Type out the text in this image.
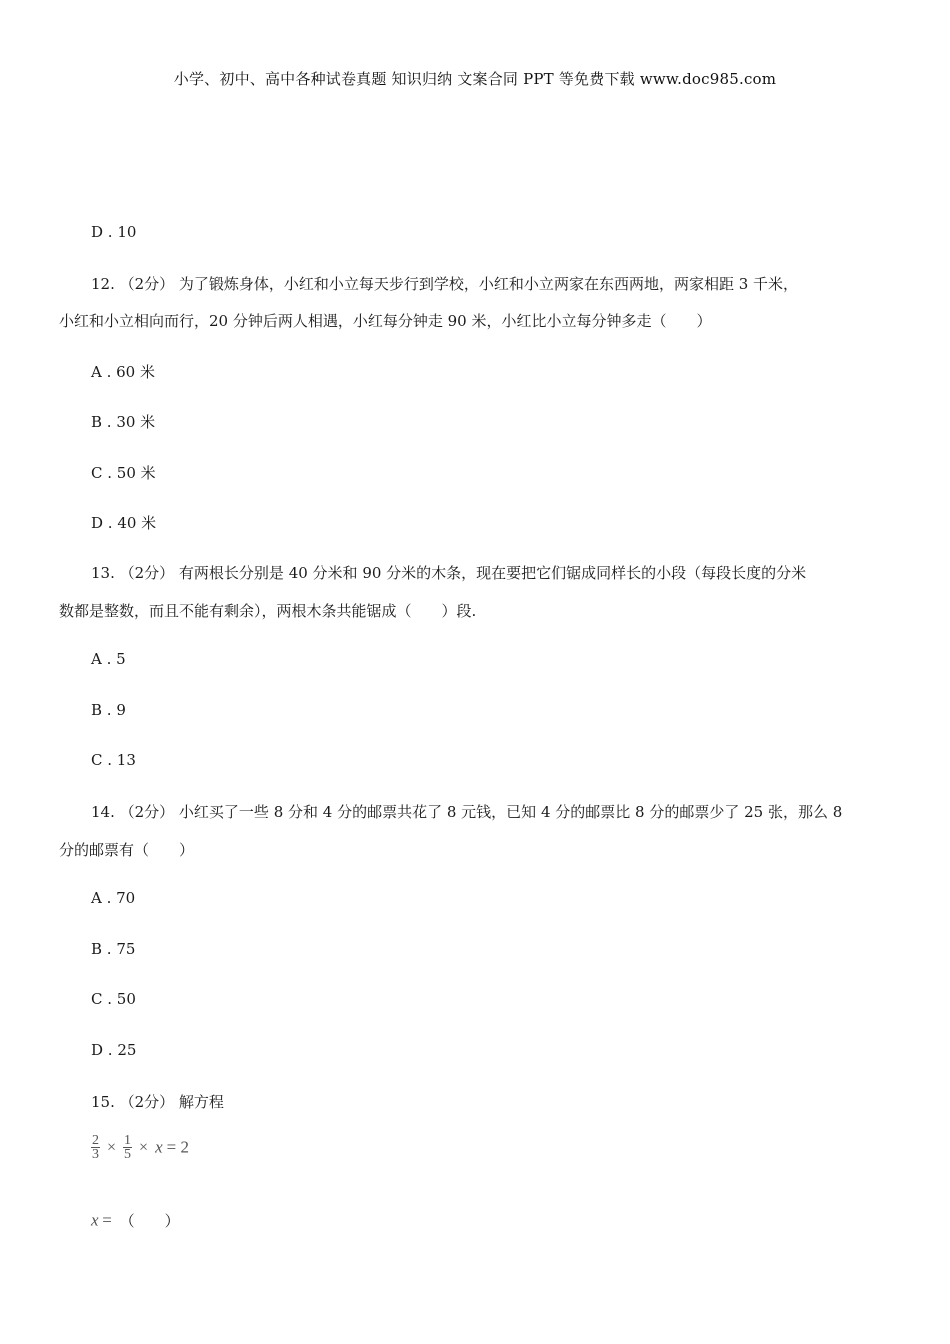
小学、初中、高中各种试卷真题 知识归纳 文案合同 PPT 等免费下载 www.doc985.com
D . 10
12. （2分） 为了锻炼身体，小红和小立每天步行到学校，小红和小立两家在东西两地，两家相距 3 千米，
小红和小立相向而行，20 分钟后两人相遇，小红每分钟走 90 米，小红比小立每分钟多走（　　）
A . 60 米
B . 30 米
C . 50 米
D . 40 米
13. （2分） 有两根长分别是 40 分米和 90 分米的木条，现在要把它们锯成同样长的小段（每段长度的分米
数都是整数，而且不能有剩余），两根木条共能锯成（　　）段.
A . 5
B . 9
C . 13
14. （2分） 小红买了一些 8 分和 4 分的邮票共花了 8 元钱，已知 4 分的邮票比 8 分的邮票少了 25 张，那么 8
分的邮票有（　　）
A . 70
B . 75
C . 50
D . 25
15. （2分） 解方程
$\frac{2}{3} \times \frac{1}{5} \times x = 2$
x = （　　）
